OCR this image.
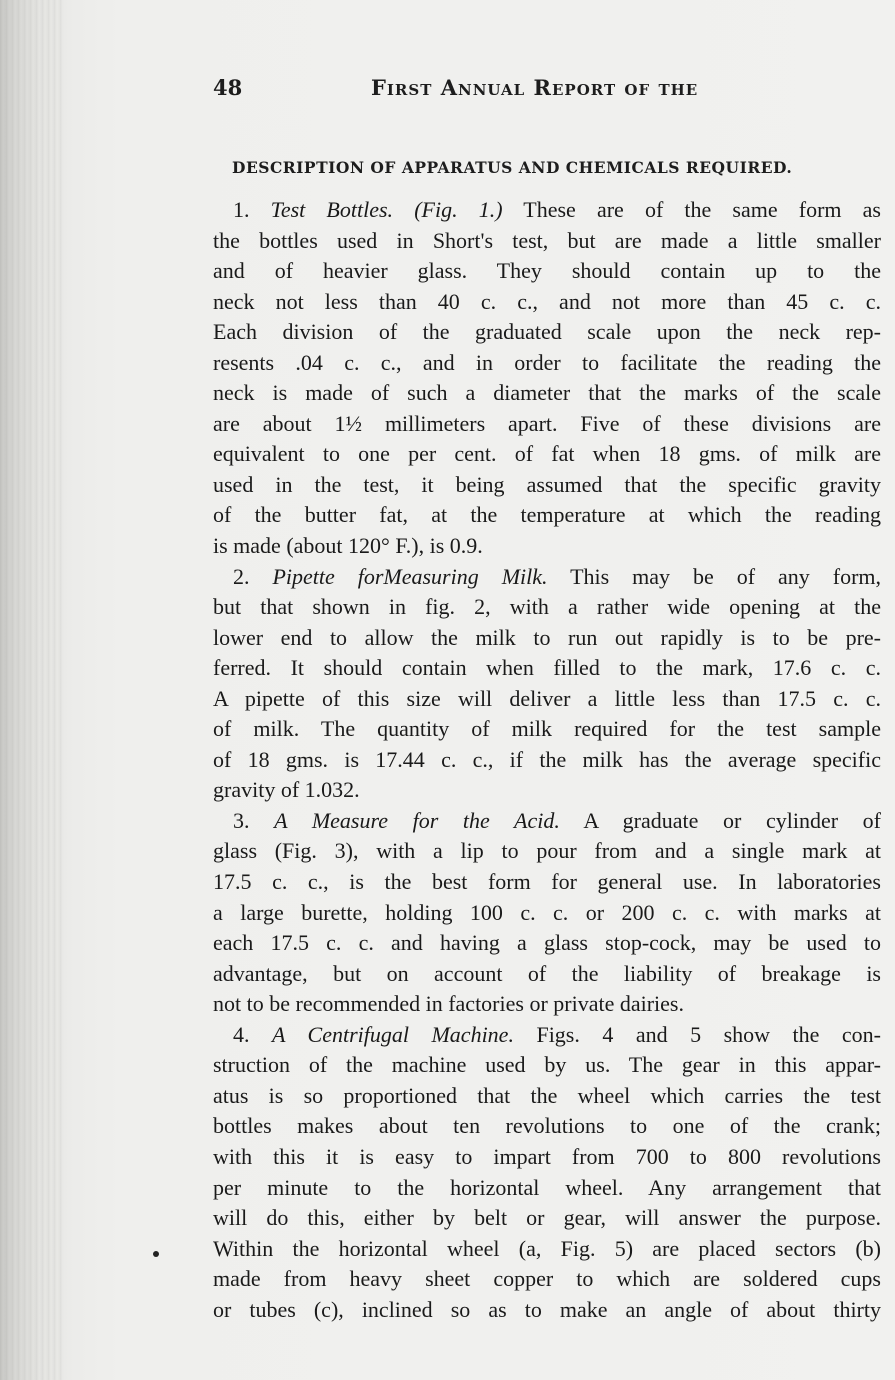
48	First Annual Report of the
DESCRIPTION OF APPARATUS AND CHEMICALS REQUIRED.
1. Test Bottles. (Fig. 1.) These are of the same form as
the bottles used in Short's test, but are made a little smaller
and of heavier glass. They should contain up to the
neck not less than 40 c. c., and not more than 45 c. c.
Each division of the graduated scale upon the neck rep-
resents .04 c. c., and in order to facilitate the reading the
neck is made of such a diameter that the marks of the scale
are about 1½ millimeters apart. Five of these divisions are
equivalent to one per cent. of fat when 18 gms. of milk are
used in the test, it being assumed that the specific gravity
of the butter fat, at the temperature at which the reading
is made (about 120° F.), is 0.9.
2. Pipette forMeasuring Milk. This may be of any form,
but that shown in fig. 2, with a rather wide opening at the
lower end to allow the milk to run out rapidly is to be pre-
ferred. It should contain when filled to the mark, 17.6 c. c.
A pipette of this size will deliver a little less than 17.5 c. c.
of milk. The quantity of milk required for the test sample
of 18 gms. is 17.44 c. c., if the milk has the average specific
gravity of 1.032.
3. A Measure for the Acid. A graduate or cylinder of
glass (Fig. 3), with a lip to pour from and a single mark at
17.5 c. c., is the best form for general use. In laboratories
a large burette, holding 100 c. c. or 200 c. c. with marks at
each 17.5 c. c. and having a glass stop-cock, may be used to
advantage, but on account of the liability of breakage is
not to be recommended in factories or private dairies.
4. A Centrifugal Machine. Figs. 4 and 5 show the con-
struction of the machine used by us. The gear in this appar-
atus is so proportioned that the wheel which carries the test
bottles makes about ten revolutions to one of the crank;
with this it is easy to impart from 700 to 800 revolutions
per minute to the horizontal wheel. Any arrangement that
will do this, either by belt or gear, will answer the purpose.
Within the horizontal wheel (a, Fig. 5) are placed sectors (b)
made from heavy sheet copper to which are soldered cups
or tubes (c), inclined so as to make an angle of about thirty
